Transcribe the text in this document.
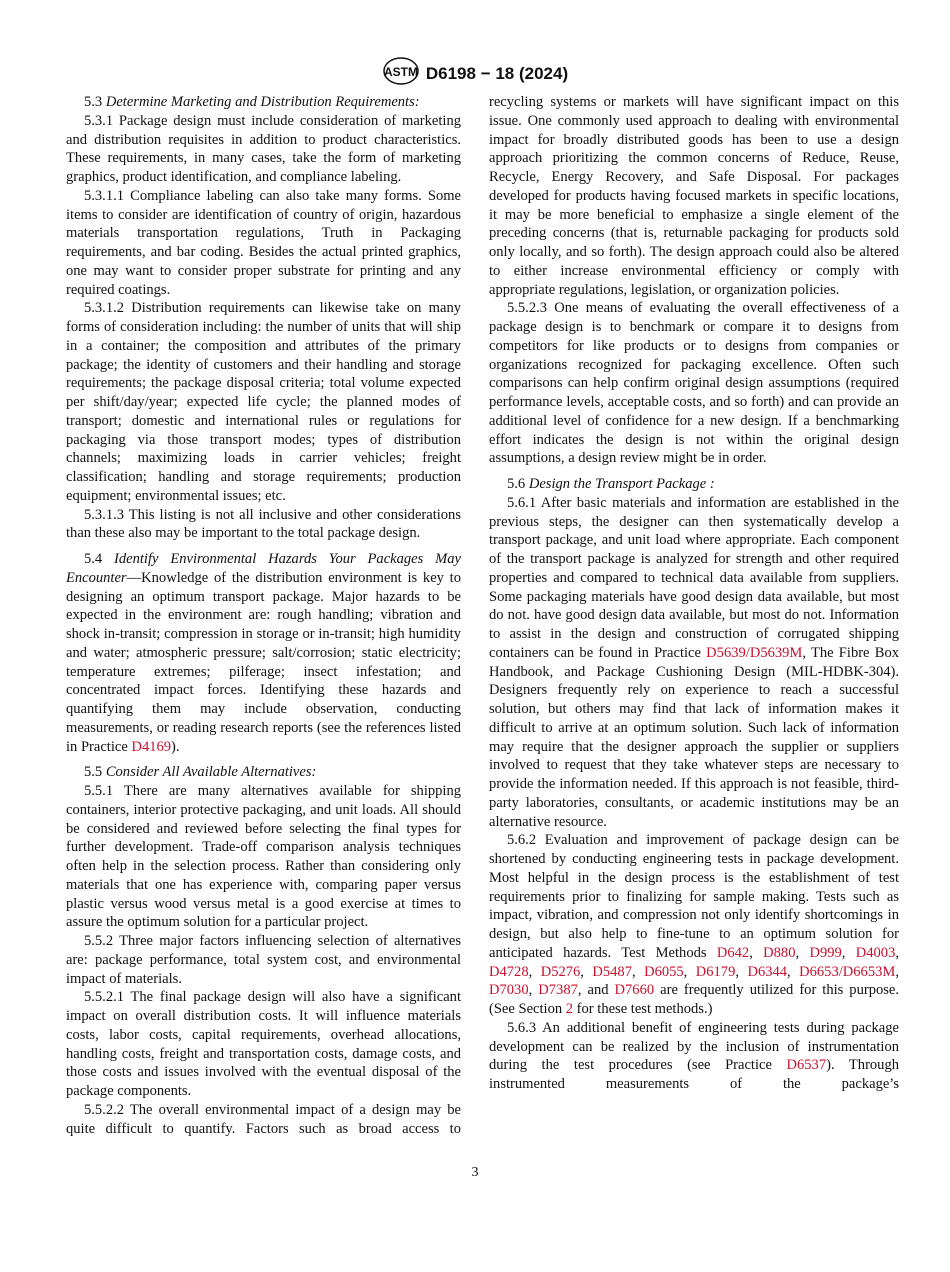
ASTM D6198 − 18 (2024)

5.3 Determine Marketing and Distribution Requirements:

5.3.1 Package design must include consideration of marketing and distribution requisites in addition to product characteristics. These requirements, in many cases, take the form of marketing graphics, product identification, and compliance labeling.

5.3.1.1 Compliance labeling can also take many forms. Some items to consider are identification of country of origin, hazardous materials transportation regulations, Truth in Packaging requirements, and bar coding. Besides the actual printed graphics, one may want to consider proper substrate for printing and any required coatings.

5.3.1.2 Distribution requirements can likewise take on many forms of consideration including: the number of units that will ship in a container; the composition and attributes of the primary package; the identity of customers and their handling and storage requirements; the package disposal criteria; total volume expected per shift/day/year; expected life cycle; the planned modes of transport; domestic and international rules or regulations for packaging via those transport modes; types of distribution channels; maximizing loads in carrier vehicles; freight classification; handling and storage requirements; production equipment; environmental issues; etc.

5.3.1.3 This listing is not all inclusive and other considerations than these also may be important to the total package design.

5.4 Identify Environmental Hazards Your Packages May Encounter—Knowledge of the distribution environment is key to designing an optimum transport package. Major hazards to be expected in the environment are: rough handling; vibration and shock in-transit; compression in storage or in-transit; high humidity and water; atmospheric pressure; salt/corrosion; static electricity; temperature extremes; pilferage; insect infestation; and concentrated impact forces. Identifying these hazards and quantifying them may include observation, conducting measurements, or reading research reports (see the references listed in Practice D4169).

5.5 Consider All Available Alternatives:

5.5.1 There are many alternatives available for shipping containers, interior protective packaging, and unit loads. All should be considered and reviewed before selecting the final types for further development. Trade-off comparison analysis techniques often help in the selection process. Rather than considering only materials that one has experience with, comparing paper versus plastic versus wood versus metal is a good exercise at times to assure the optimum solution for a particular project.

5.5.2 Three major factors influencing selection of alternatives are: package performance, total system cost, and environmental impact of materials.

5.5.2.1 The final package design will also have a significant impact on overall distribution costs. It will influence materials costs, labor costs, capital requirements, overhead allocations, handling costs, freight and transportation costs, damage costs, and those costs and issues involved with the eventual disposal of the package components.

5.5.2.2 The overall environmental impact of a design may be quite difficult to quantify. Factors such as broad access to

recycling systems or markets will have significant impact on this issue. One commonly used approach to dealing with environmental impact for broadly distributed goods has been to use a design approach prioritizing the common concerns of Reduce, Reuse, Recycle, Energy Recovery, and Safe Disposal. For packages developed for products having focused markets in specific locations, it may be more beneficial to emphasize a single element of the preceding concerns (that is, returnable packaging for products sold only locally, and so forth). The design approach could also be altered to either increase environmental efficiency or comply with appropriate regulations, legislation, or organization policies.

5.5.2.3 One means of evaluating the overall effectiveness of a package design is to benchmark or compare it to designs from competitors for like products or to designs from companies or organizations recognized for packaging excellence. Often such comparisons can help confirm original design assumptions (required performance levels, acceptable costs, and so forth) and can provide an additional level of confidence for a new design. If a benchmarking effort indicates the design is not within the original design assumptions, a design review might be in order.

5.6 Design the Transport Package :

5.6.1 After basic materials and information are established in the previous steps, the designer can then systematically develop a transport package, and unit load where appropriate. Each component of the transport package is analyzed for strength and other required properties and compared to technical data available from suppliers. Some packaging materials have good design data available, but most do not. have good design data available, but most do not. Information to assist in the design and construction of corrugated shipping containers can be found in Practice D5639/D5639M, The Fibre Box Handbook, and Package Cushioning Design (MIL-HDBK-304). Designers frequently rely on experience to reach a successful solution, but others may find that lack of information makes it difficult to arrive at an optimum solution. Such lack of information may require that the designer approach the supplier or suppliers involved to request that they take whatever steps are necessary to provide the information needed. If this approach is not feasible, third-party laboratories, consultants, or academic institutions may be an alternative resource.

5.6.2 Evaluation and improvement of package design can be shortened by conducting engineering tests in package development. Most helpful in the design process is the establishment of test requirements prior to finalizing for sample making. Tests such as impact, vibration, and compression not only identify shortcomings in design, but also help to fine-tune to an optimum solution for anticipated hazards. Test Methods D642, D880, D999, D4003, D4728, D5276, D5487, D6055, D6179, D6344, D6653/D6653M, D7030, D7387, and D7660 are frequently utilized for this purpose. (See Section 2 for these test methods.)

5.6.3 An additional benefit of engineering tests during package development can be realized by the inclusion of instrumentation during the test procedures (see Practice D6537). Through instrumented measurements of the package’s

3
